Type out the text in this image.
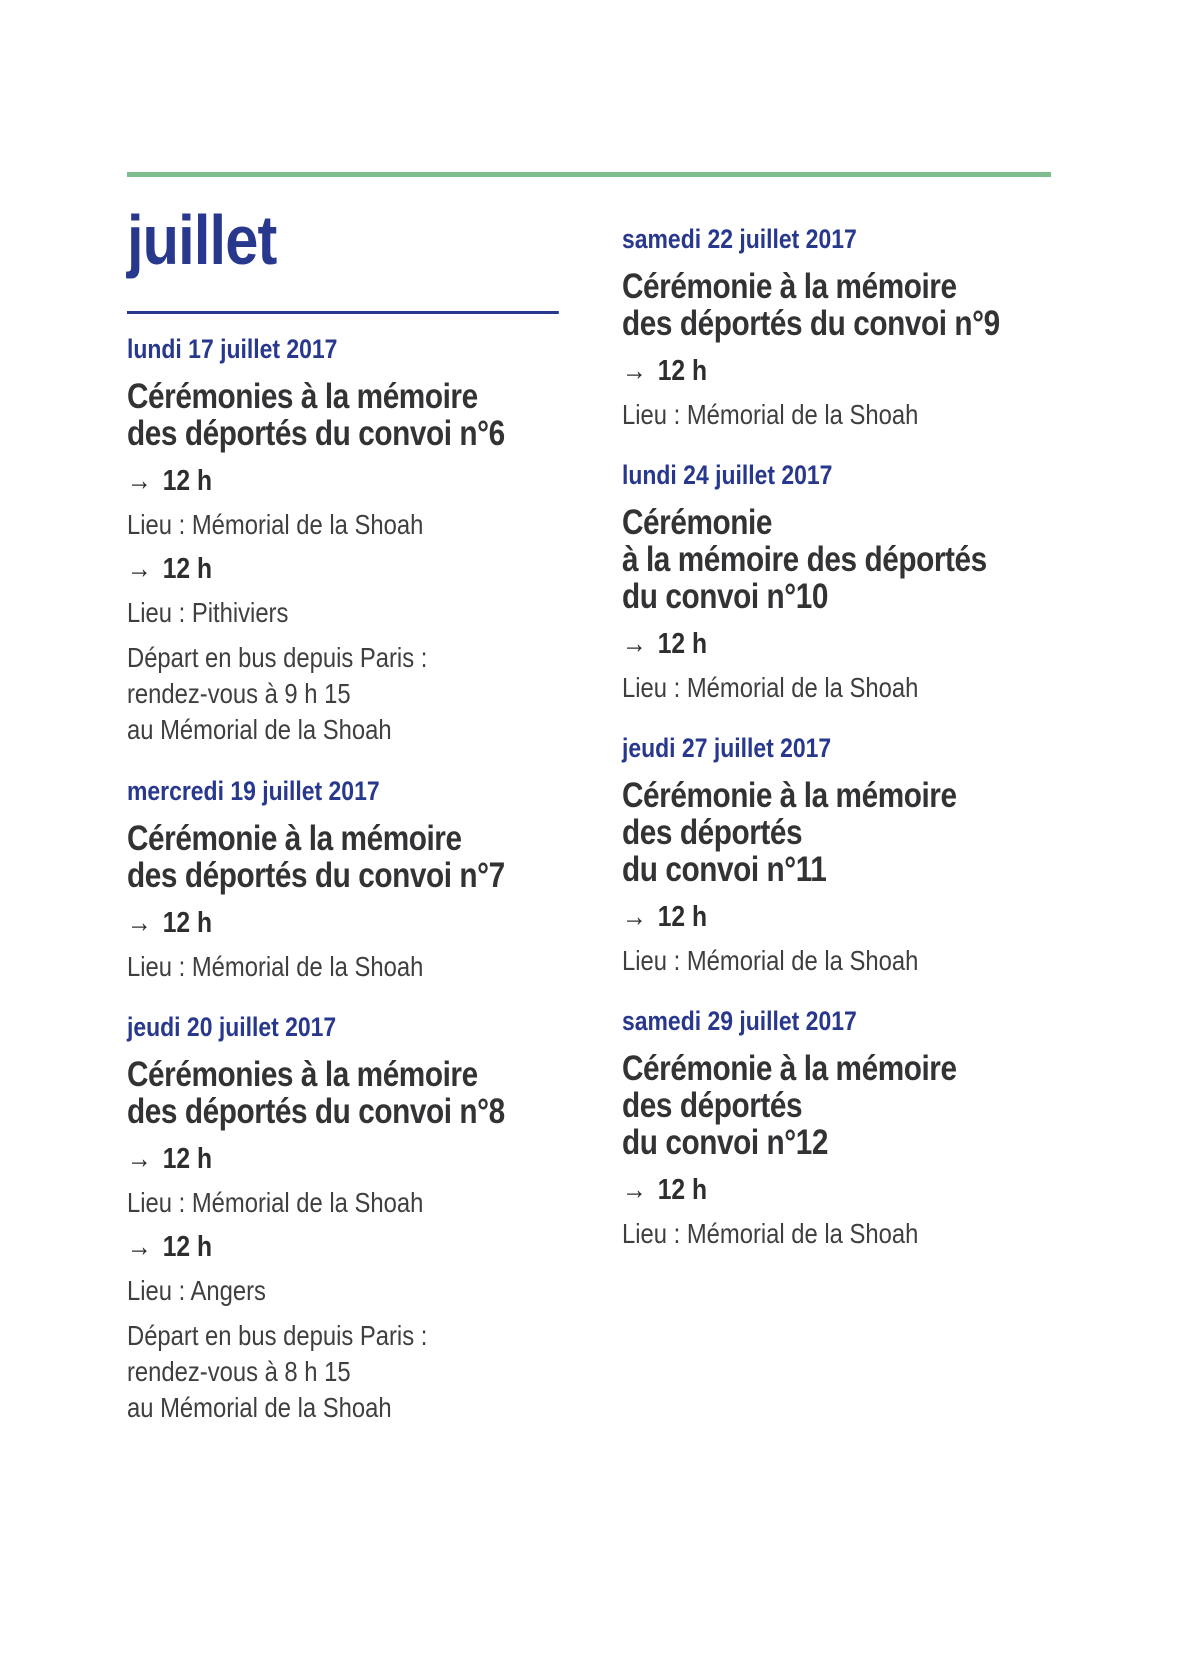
juillet
lundi 17 juillet 2017
Cérémonies à la mémoire
des déportés du convoi n°6

→ 12 h

Lieu : Mémorial de la Shoah

→ 12 h

Lieu : Pithiviers

Départ en bus depuis Paris :
rendez-vous à 9 h 15
au Mémorial de la Shoah

mercredi 19 juillet 2017
Cérémonie à la mémoire
des déportés du convoi n°7

→ 12 h

Lieu : Mémorial de la Shoah

jeudi 20 juillet 2017
Cérémonies à la mémoire
des déportés du convoi n°8

→ 12 h

Lieu : Mémorial de la Shoah

→ 12 h

Lieu : Angers

Départ en bus depuis Paris :
rendez-vous à 8 h 15
au Mémorial de la Shoah

samedi 22 juillet 2017
Cérémonie à la mémoire
des déportés du convoi n°9

→ 12 h

Lieu : Mémorial de la Shoah

lundi 24 juillet 2017
Cérémonie
à la mémoire des déportés
du convoi n°10

→ 12 h

Lieu : Mémorial de la Shoah

jeudi 27 juillet 2017
Cérémonie à la mémoire
des déportés
du convoi n°11

→ 12 h

Lieu : Mémorial de la Shoah

samedi 29 juillet 2017
Cérémonie à la mémoire
des déportés
du convoi n°12

→ 12 h

Lieu : Mémorial de la Shoah
